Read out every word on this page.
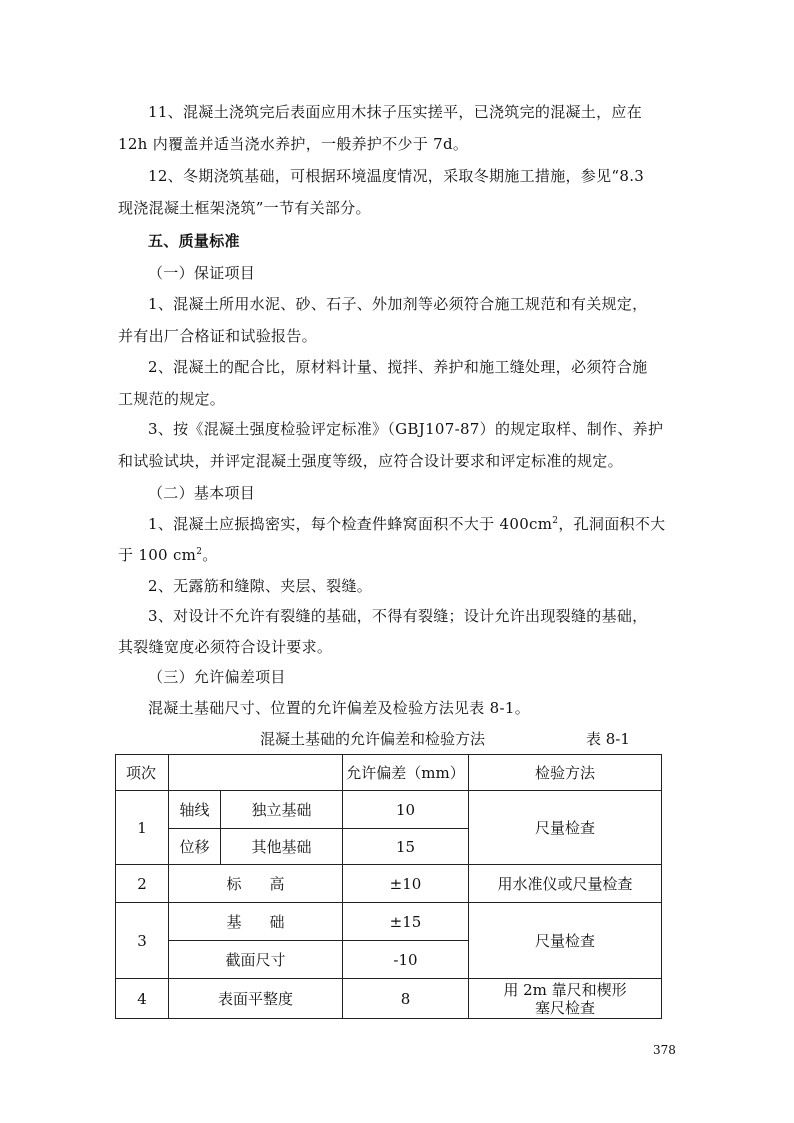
11、混凝土浇筑完后表面应用木抹子压实搓平，已浇筑完的混凝土，应在
12h 内覆盖并适当浇水养护，一般养护不少于 7d。
12、冬期浇筑基础，可根据环境温度情况，采取冬期施工措施，参见“8.3
现浇混凝土框架浇筑”一节有关部分。
五、质量标准
（一）保证项目
1、混凝土所用水泥、砂、石子、外加剂等必须符合施工规范和有关规定，
并有出厂合格证和试验报告。
2、混凝土的配合比，原材料计量、搅拌、养护和施工缝处理，必须符合施
工规范的规定。
3、按《混凝土强度检验评定标准》（GBJ107-87）的规定取样、制作、养护
和试验试块，并评定混凝土强度等级，应符合设计要求和评定标准的规定。
（二）基本项目
1、混凝土应振捣密实，每个检查件蜂窝面积不大于 $400cm^2$，孔洞面积不大
于 100 $cm^2$。
2、无露筋和缝隙、夹层、裂缝。
3、对设计不允许有裂缝的基础，不得有裂缝；设计允许出现裂缝的基础，
其裂缝宽度必须符合设计要求。
（三）允许偏差项目
混凝土基础尺寸、位置的允许偏差及检验方法见表 8-1。
混凝土基础的允许偏差和检验方法	表 8-1
项次			允许偏差（mm）	检验方法
1	轴线	独立基础	10	尺量检查
	位移	其他基础	15	
2	标高		±10	用水准仪或尺量检查
3	基础		±15	尺量检查
	截面尺寸		-10	
4	表面平整度		8	用 2m 靠尺和楔形
塞尺检查
378
